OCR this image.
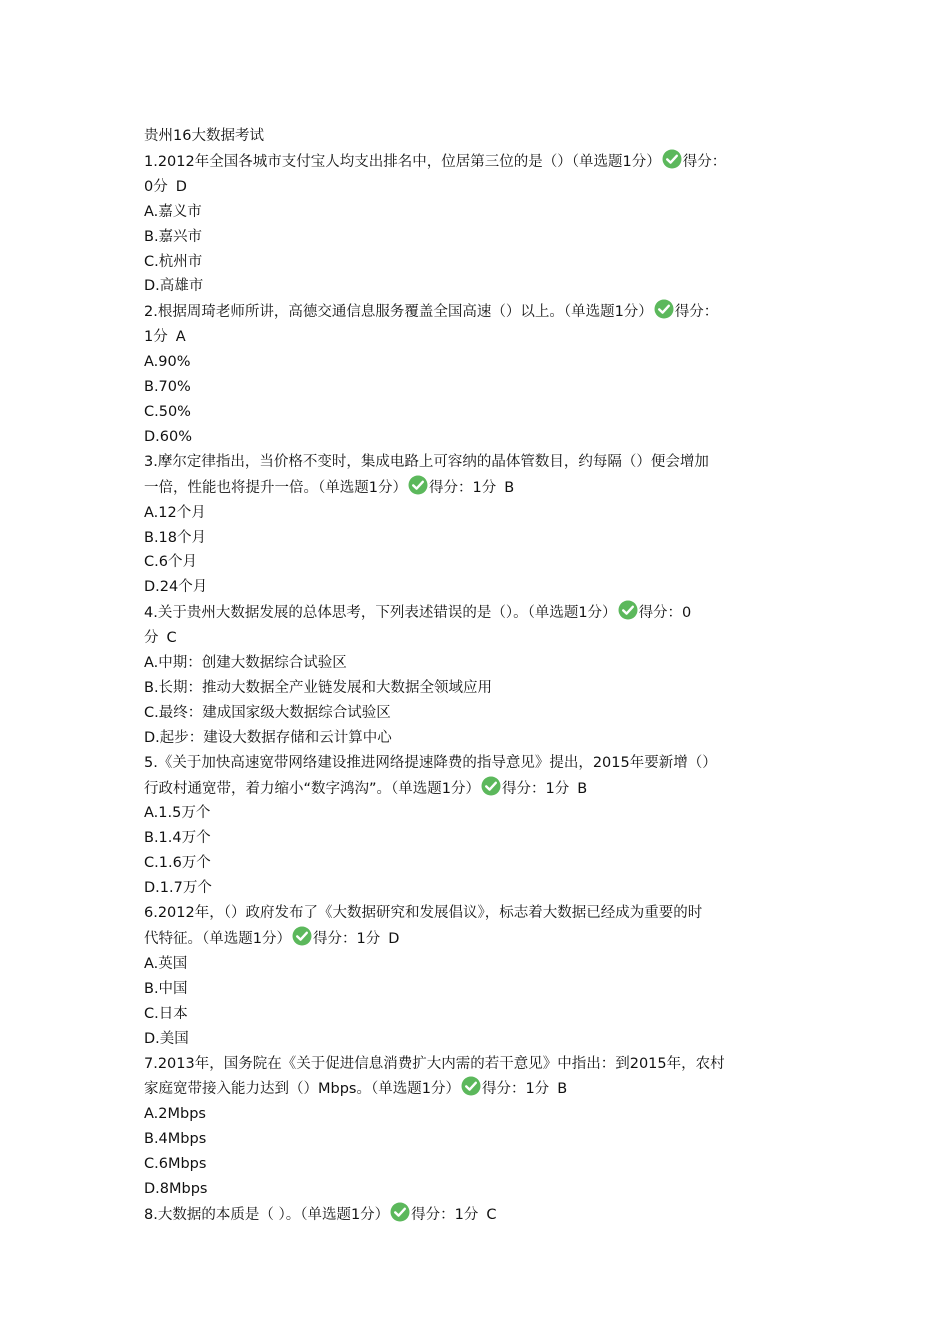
贵州16大数据考试
1.2012年全国各城市支付宝人均支出排名中，位居第三位的是（）（单选题1分） 得分：
0分 D
A.嘉义市
B.嘉兴市
C.杭州市
D.高雄市
2.根据周琦老师所讲，高德交通信息服务覆盖全国高速（）以上。（单选题1分） 得分：
1分 A
A.90%
B.70%
C.50%
D.60%
3.摩尔定律指出，当价格不变时，集成电路上可容纳的晶体管数目，约每隔（）便会增加
一倍，性能也将提升一倍。（单选题1分） 得分：1分 B
A.12个月
B.18个月
C.6个月
D.24个月
4.关于贵州大数据发展的总体思考，下列表述错误的是（）。（单选题1分） 得分：0
分 C
A.中期：创建大数据综合试验区
B.长期：推动大数据全产业链发展和大数据全领域应用
C.最终：建成国家级大数据综合试验区
D.起步：建设大数据存储和云计算中心
5.《关于加快高速宽带网络建设推进网络提速降费的指导意见》提出，2015年要新增（）
行政村通宽带，着力缩小“数字鸿沟”。（单选题1分） 得分：1分 B
A.1.5万个
B.1.4万个
C.1.6万个
D.1.7万个
6.2012年，（）政府发布了《大数据研究和发展倡议》，标志着大数据已经成为重要的时
代特征。（单选题1分） 得分：1分 D
A.英国
B.中国
C.日本
D.美国
7.2013年，国务院在《关于促进信息消费扩大内需的若干意见》中指出：到2015年，农村
家庭宽带接入能力达到（）Mbps。（单选题1分） 得分：1分 B
A.2Mbps
B.4Mbps
C.6Mbps
D.8Mbps
8.大数据的本质是（ ）。（单选题1分） 得分：1分 C
